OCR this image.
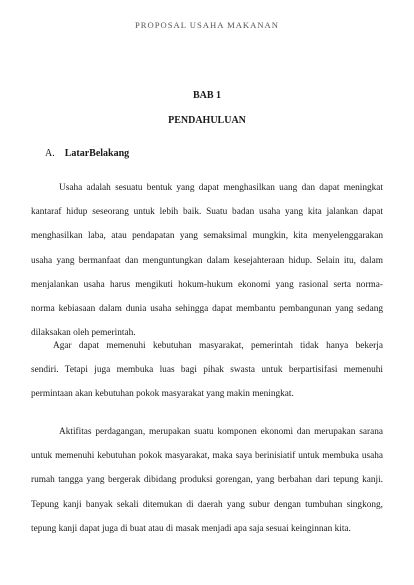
PROPOSAL USAHA MAKANAN
BAB 1
PENDAHULUAN
A. LatarBelakang
Usaha adalah sesuatu bentuk yang dapat menghasilkan uang dan dapat meningkat
kantaraf hidup seseorang untuk lebih baik. Suatu badan usaha yang kita jalankan dapat
menghasilkan laba, atau pendapatan yang semaksimal mungkin, kita menyelenggarakan
usaha yang bermanfaat dan menguntungkan dalam kesejahteraan hidup. Selain itu, dalam
menjalankan usaha harus mengikuti hokum-hukum ekonomi yang rasional serta norma-
norma kebiasaan dalam dunia usaha sehingga dapat membantu pembangunan yang sedang
dilaksakan oleh pemerintah.
Agar dapat memenuhi kebutuhan masyarakat, pemerintah tidak hanya bekerja
sendiri. Tetapi juga membuka luas bagi pihak swasta untuk berpartisifasi memenuhi
permintaan akan kebutuhan pokok masyarakat yang makin meningkat.
Aktifitas perdagangan, merupakan suatu komponen ekonomi dan merupakan sarana
untuk memenuhi kebutuhan pokok masyarakat, maka saya berinisiatif untuk membuka usaha
rumah tangga yang bergerak dibidang produksi gorengan, yang berbahan dari tepung kanji.
Tepung kanji banyak sekali ditemukan di daerah yang subur dengan tumbuhan singkong,
tepung kanji dapat juga di buat atau di masak menjadi apa saja sesuai keinginnan kita.
